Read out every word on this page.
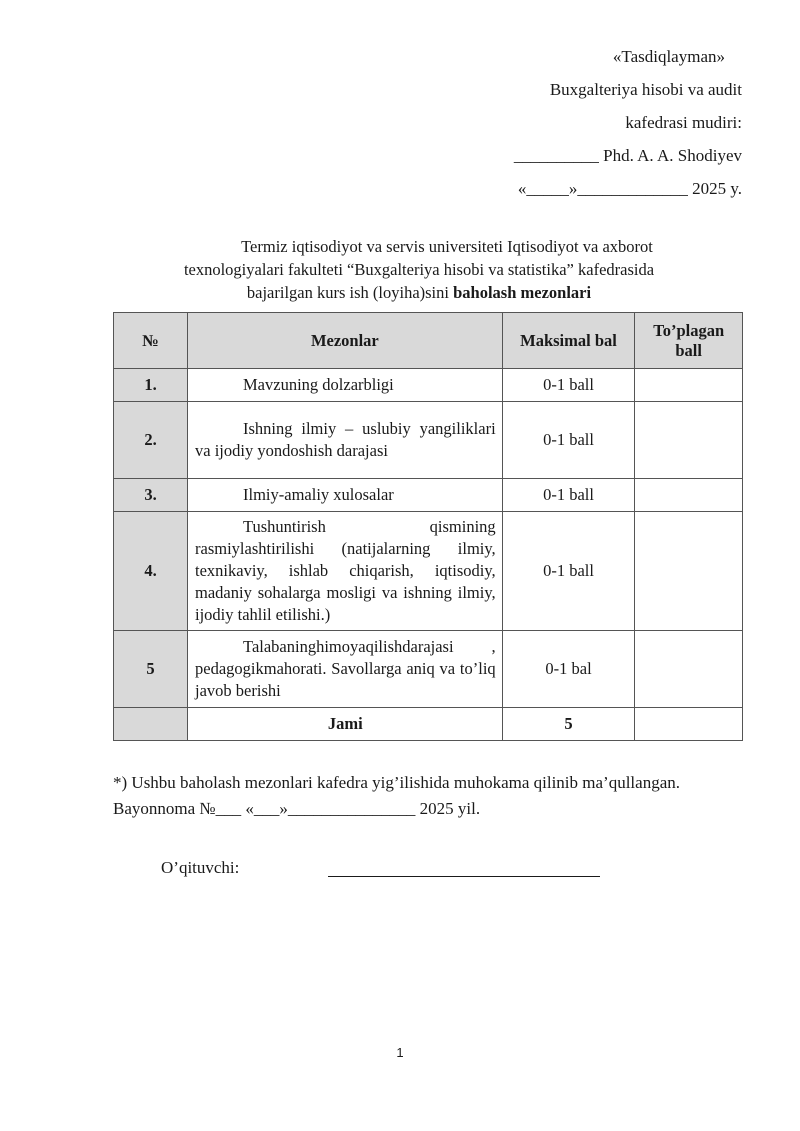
«Tasdiqlayman»
Buxgalteriya hisobi va audit
kafedrasi mudiri:
__________ Phd. A. A. Shodiyev
«_____»_____________ 2025 y.
Termiz iqtisodiyot va servis universiteti Iqtisodiyot va axborot
texnologiyalari fakulteti “Buxgalteriya hisobi va statistika” kafedrasida
bajarilgan kurs ish (loyiha)sini baholash mezonlari
№	Mezonlar	Maksimal bal	To’plagan ball
1.	Mavzuning dolzarbligi	0-1 ball	
2.	Ishning ilmiy – uslubiy yangiliklari va ijodiy yondoshish darajasi	0-1 ball	
3.	Ilmiy-amaliy xulosalar	0-1 ball	
4.	Tushuntirish qismining rasmiylashtirilishi (natijalarning ilmiy, texnikaviy, ishlab chiqarish, iqtisodiy, madaniy sohalarga mosligi va ishning ilmiy, ijodiy tahlil etilishi.)	0-1 ball	
5	Talabaninghimoyaqilishdarajasi , pedagogikmahorati. Savollarga aniq va to’liq javob berishi	0-1 bal	
	Jami	5	
*) Ushbu baholash mezonlari kafedra yig’ilishida muhokama qilinib ma’qullangan.
Bayonnoma №___ «___»_______________ 2025 yil.
O’qituvchi:
1
